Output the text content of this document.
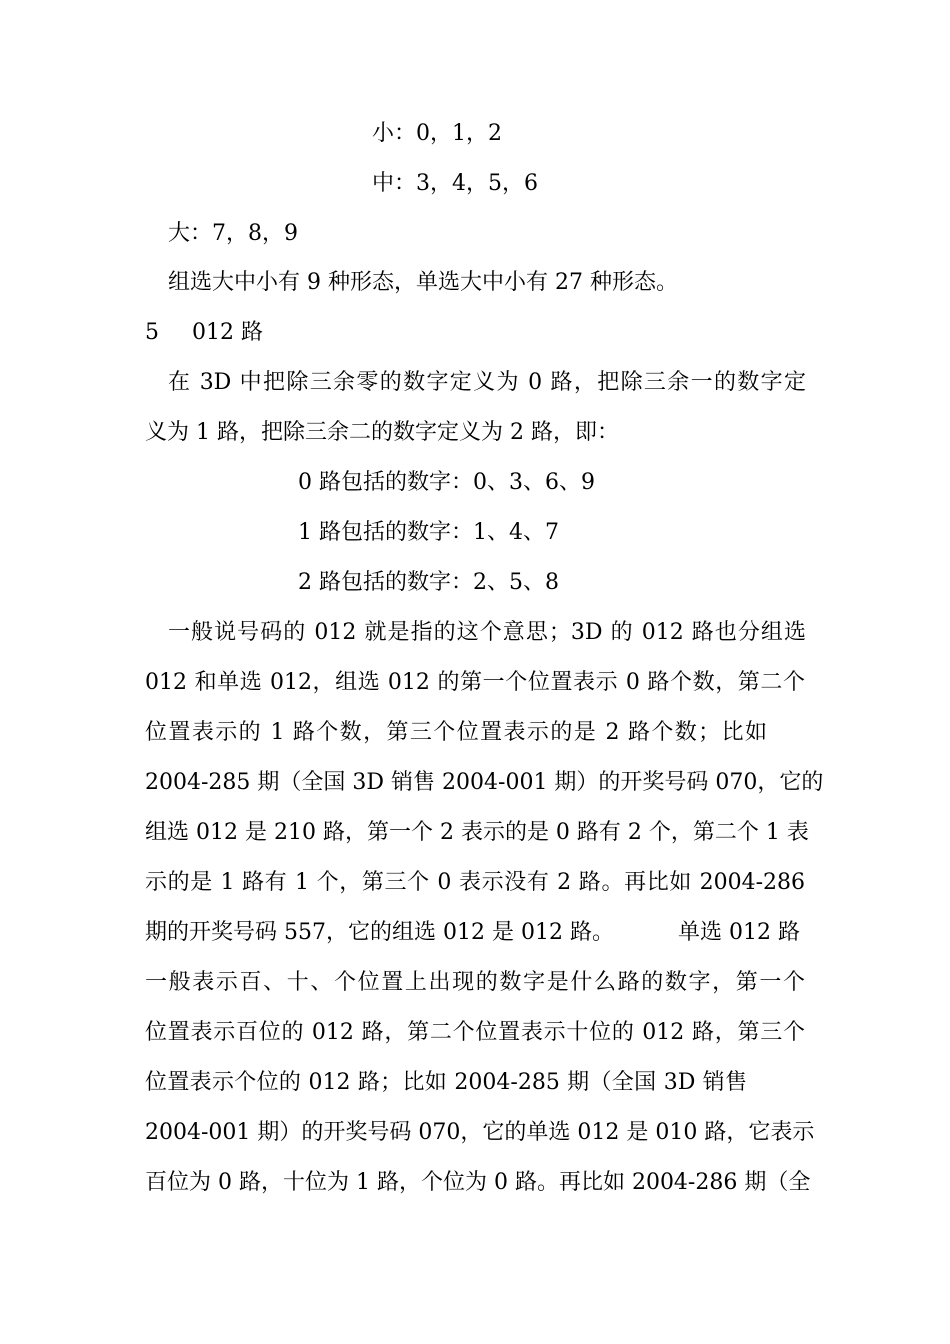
小：0，1，2
中：3，4，5，6
大：7，8，9
组选大中小有 9 种形态，单选大中小有 27 种形态。
5 012 路
在 3D 中把除三余零的数字定义为 0 路，把除三余一的数字定
义为 1 路，把除三余二的数字定义为 2 路，即：
0 路包括的数字：0、3、6、9
1 路包括的数字：1、4、7
2 路包括的数字：2、5、8
一般说号码的 012 就是指的这个意思；3D 的 012 路也分组选
012 和单选 012，组选 012 的第一个位置表示 0 路个数，第二个
位置表示的 1 路个数，第三个位置表示的是 2 路个数；比如
2004-285 期（全国 3D 销售 2004-001 期）的开奖号码 070，它的
组选 012 是 210 路，第一个 2 表示的是 0 路有 2 个，第二个 1 表
示的是 1 路有 1 个，第三个 0 表示没有 2 路。再比如 2004-286
期的开奖号码 557，它的组选 012 是 012 路。	单选 012 路
一般表示百、十、个位置上出现的数字是什么路的数字，第一个
位置表示百位的 012 路，第二个位置表示十位的 012 路，第三个
位置表示个位的 012 路；比如 2004-285 期（全国 3D 销售
2004-001 期）的开奖号码 070，它的单选 012 是 010 路，它表示
百位为 0 路，十位为 1 路，个位为 0 路。再比如 2004-286 期（全
